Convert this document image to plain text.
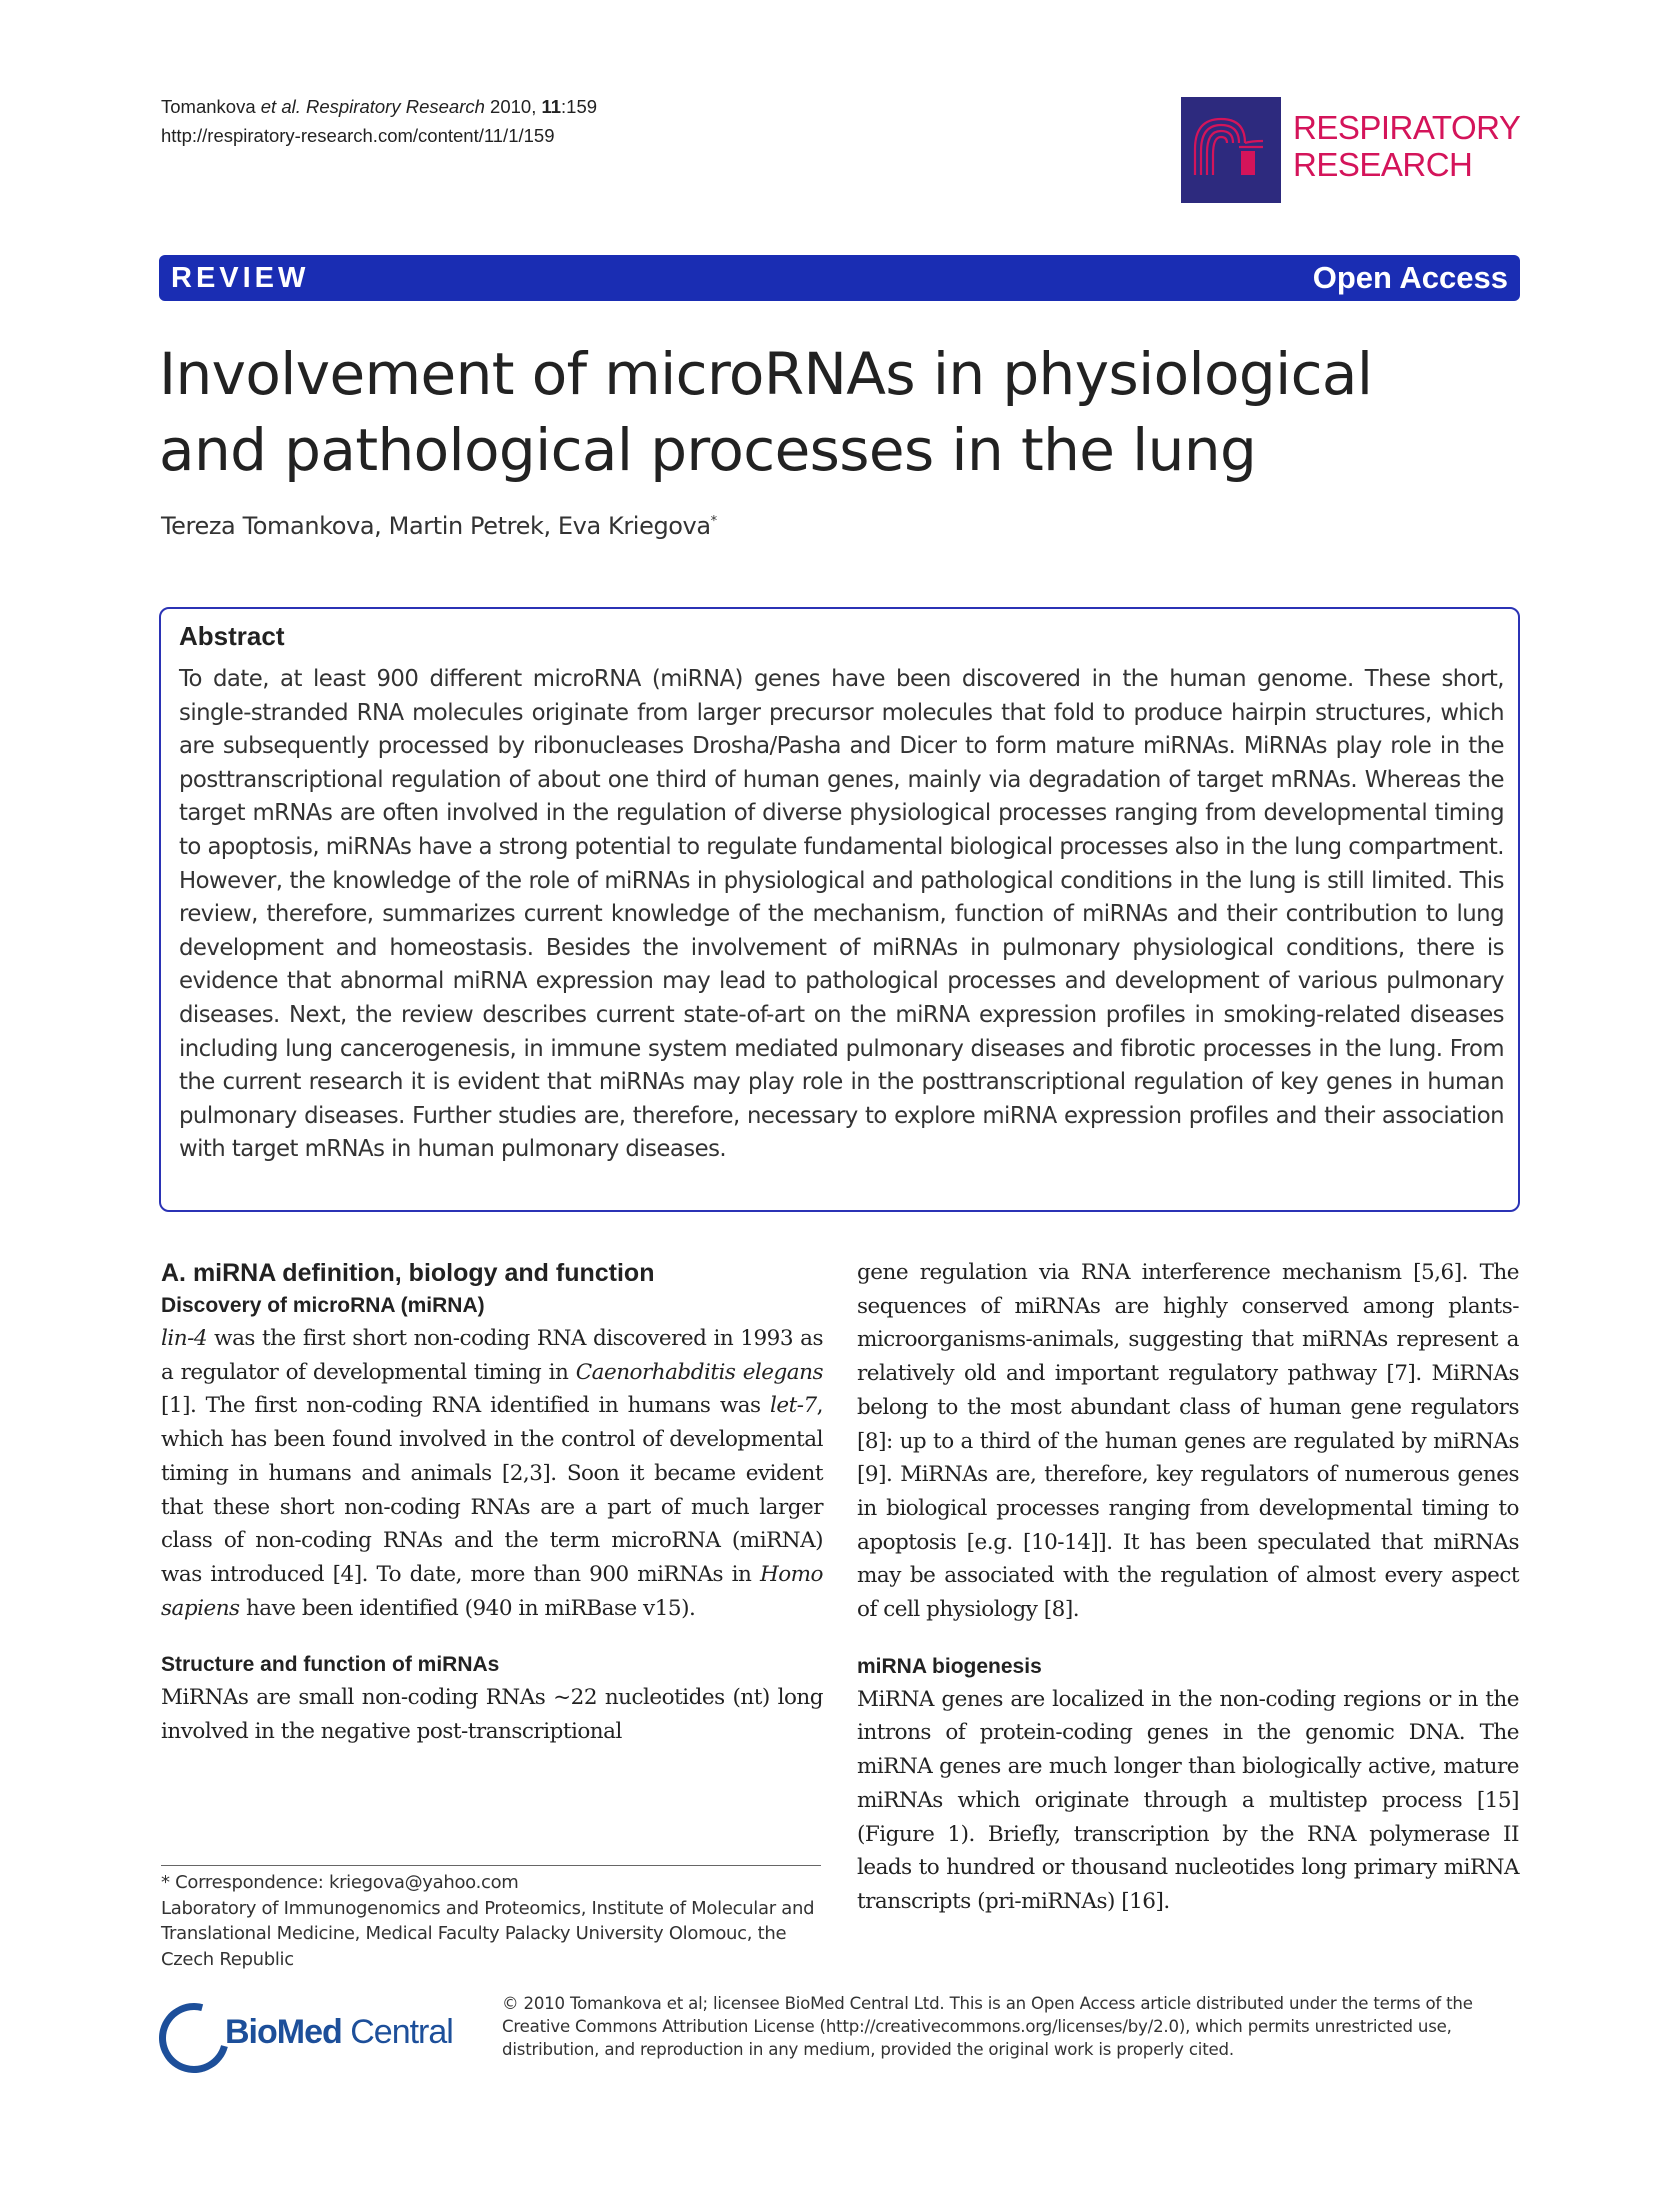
Tomankova et al. Respiratory Research 2010, 11:159
http://respiratory-research.com/content/11/1/159	RESPIRATORY
RESEARCH
REVIEW	Open Access
Involvement of microRNAs in physiological
and pathological processes in the lung
Tereza Tomankova, Martin Petrek, Eva Kriegova*
Abstract
To date, at least 900 different microRNA (miRNA) genes have been discovered in the human genome. These short, single-stranded RNA molecules originate from larger precursor molecules that fold to produce hairpin structures, which are subsequently processed by ribonucleases Drosha/Pasha and Dicer to form mature miRNAs. MiRNAs play role in the posttranscriptional regulation of about one third of human genes, mainly via degradation of target mRNAs. Whereas the target mRNAs are often involved in the regulation of diverse physiological processes ranging from developmental timing to apoptosis, miRNAs have a strong potential to regulate fundamental biological processes also in the lung compartment. However, the knowledge of the role of miRNAs in physiological and pathological conditions in the lung is still limited. This review, therefore, summarizes current knowledge of the mechanism, function of miRNAs and their contribution to lung development and homeostasis. Besides the involvement of miRNAs in pulmonary physiological conditions, there is evidence that abnormal miRNA expression may lead to pathological processes and development of various pulmonary diseases. Next, the review describes current state-of-art on the miRNA expression profiles in smoking-related diseases including lung cancerogenesis, in immune system mediated pulmonary diseases and fibrotic processes in the lung. From the current research it is evident that miRNAs may play role in the posttranscriptional regulation of key genes in human pulmonary diseases. Further studies are, therefore, necessary to explore miRNA expression profiles and their association with target mRNAs in human pulmonary diseases.
A. miRNA definition, biology and function
Discovery of microRNA (miRNA)

lin-4 was the first short non-coding RNA discovered in 1993 as a regulator of developmental timing in Caenorhabditis elegans [1]. The first non-coding RNA identified in humans was let-7, which has been found involved in the control of developmental timing in humans and animals [2,3]. Soon it became evident that these short non-coding RNAs are a part of much larger class of non-coding RNAs and the term microRNA (miRNA) was introduced [4]. To date, more than 900 miRNAs in Homo sapiens have been identified (940 in miRBase v15).

Structure and function of miRNAs

MiRNAs are small non-coding RNAs ~22 nucleotides (nt) long involved in the negative post-transcriptional

gene regulation via RNA interference mechanism [5,6]. The sequences of miRNAs are highly conserved among plants-microorganisms-animals, suggesting that miRNAs represent a relatively old and important regulatory pathway [7]. MiRNAs belong to the most abundant class of human gene regulators [8]: up to a third of the human genes are regulated by miRNAs [9]. MiRNAs are, therefore, key regulators of numerous genes in biological processes ranging from developmental timing to apoptosis [e.g. [10-14]]. It has been speculated that miRNAs may be associated with the regulation of almost every aspect of cell physiology [8].

miRNA biogenesis

MiRNA genes are localized in the non-coding regions or in the introns of protein-coding genes in the genomic DNA. The miRNA genes are much longer than biologically active, mature miRNAs which originate through a multistep process [15] (Figure 1). Briefly, transcription by the RNA polymerase II leads to hundred or thousand nucleotides long primary miRNA transcripts (pri-miRNAs) [16].

* Correspondence: kriegova@yahoo.com
Laboratory of Immunogenomics and Proteomics, Institute of Molecular and Translational Medicine, Medical Faculty Palacky University Olomouc, the Czech Republic
BioMed Central
© 2010 Tomankova et al; licensee BioMed Central Ltd. This is an Open Access article distributed under the terms of the Creative Commons Attribution License (http://creativecommons.org/licenses/by/2.0), which permits unrestricted use, distribution, and reproduction in any medium, provided the original work is properly cited.
